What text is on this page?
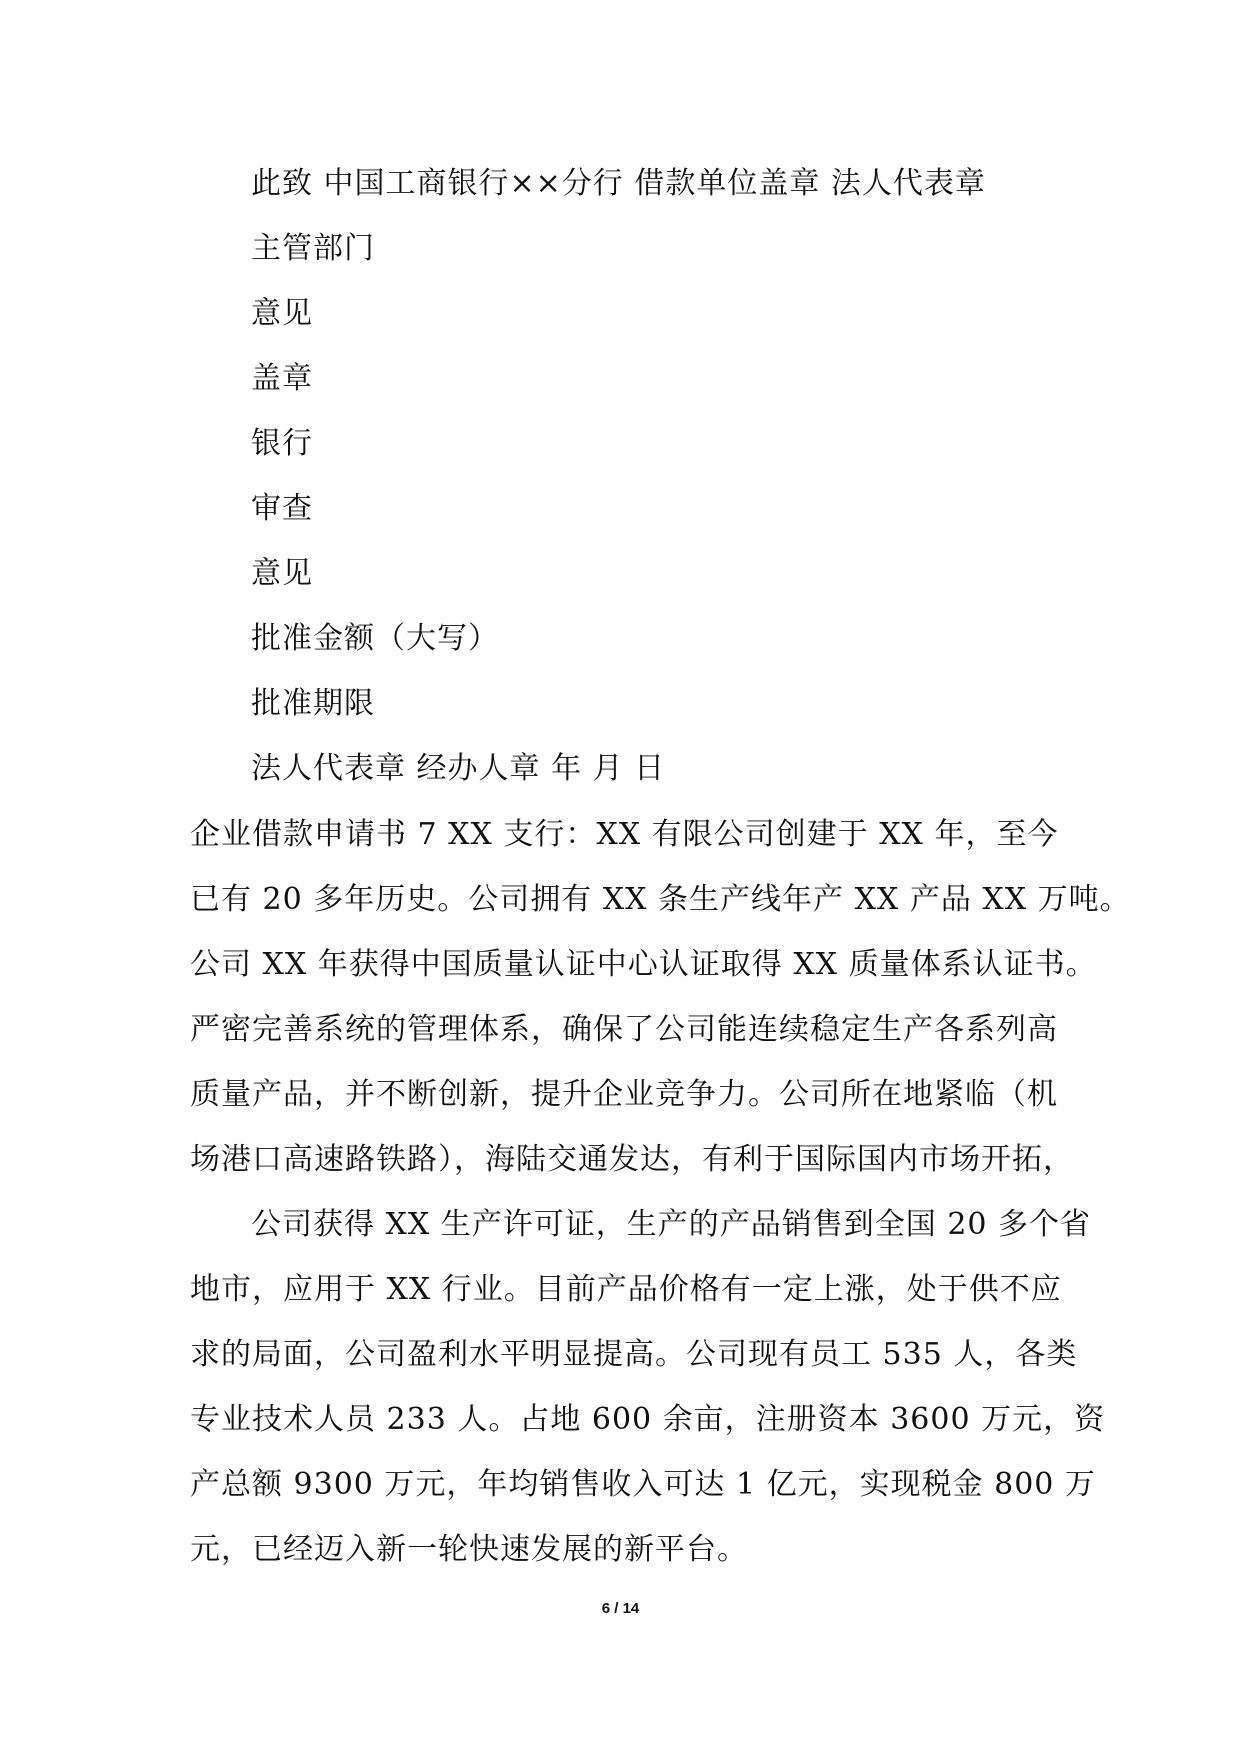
此致 中国工商银行××分行 借款单位盖章 法人代表章
主管部门
意见
盖章
银行
审查
意见
批准金额（大写）
批准期限
法人代表章 经办人章 年 月 日
企业借款申请书 7 XX 支行：XX 有限公司创建于 XX 年，至今
已有 20 多年历史。公司拥有 XX 条生产线年产 XX 产品 XX 万吨。
公司 XX 年获得中国质量认证中心认证取得 XX 质量体系认证书。
严密完善系统的管理体系，确保了公司能连续稳定生产各系列高
质量产品，并不断创新，提升企业竞争力。公司所在地紧临（机
场港口高速路铁路），海陆交通发达，有利于国际国内市场开拓，
公司获得 XX 生产许可证，生产的产品销售到全国 20 多个省
地市，应用于 XX 行业。目前产品价格有一定上涨，处于供不应
求的局面，公司盈利水平明显提高。公司现有员工 535 人，各类
专业技术人员 233 人。占地 600 余亩，注册资本 3600 万元，资
产总额 9300 万元，年均销售收入可达 1 亿元，实现税金 800 万
元，已经迈入新一轮快速发展的新平台。
6 / 14
